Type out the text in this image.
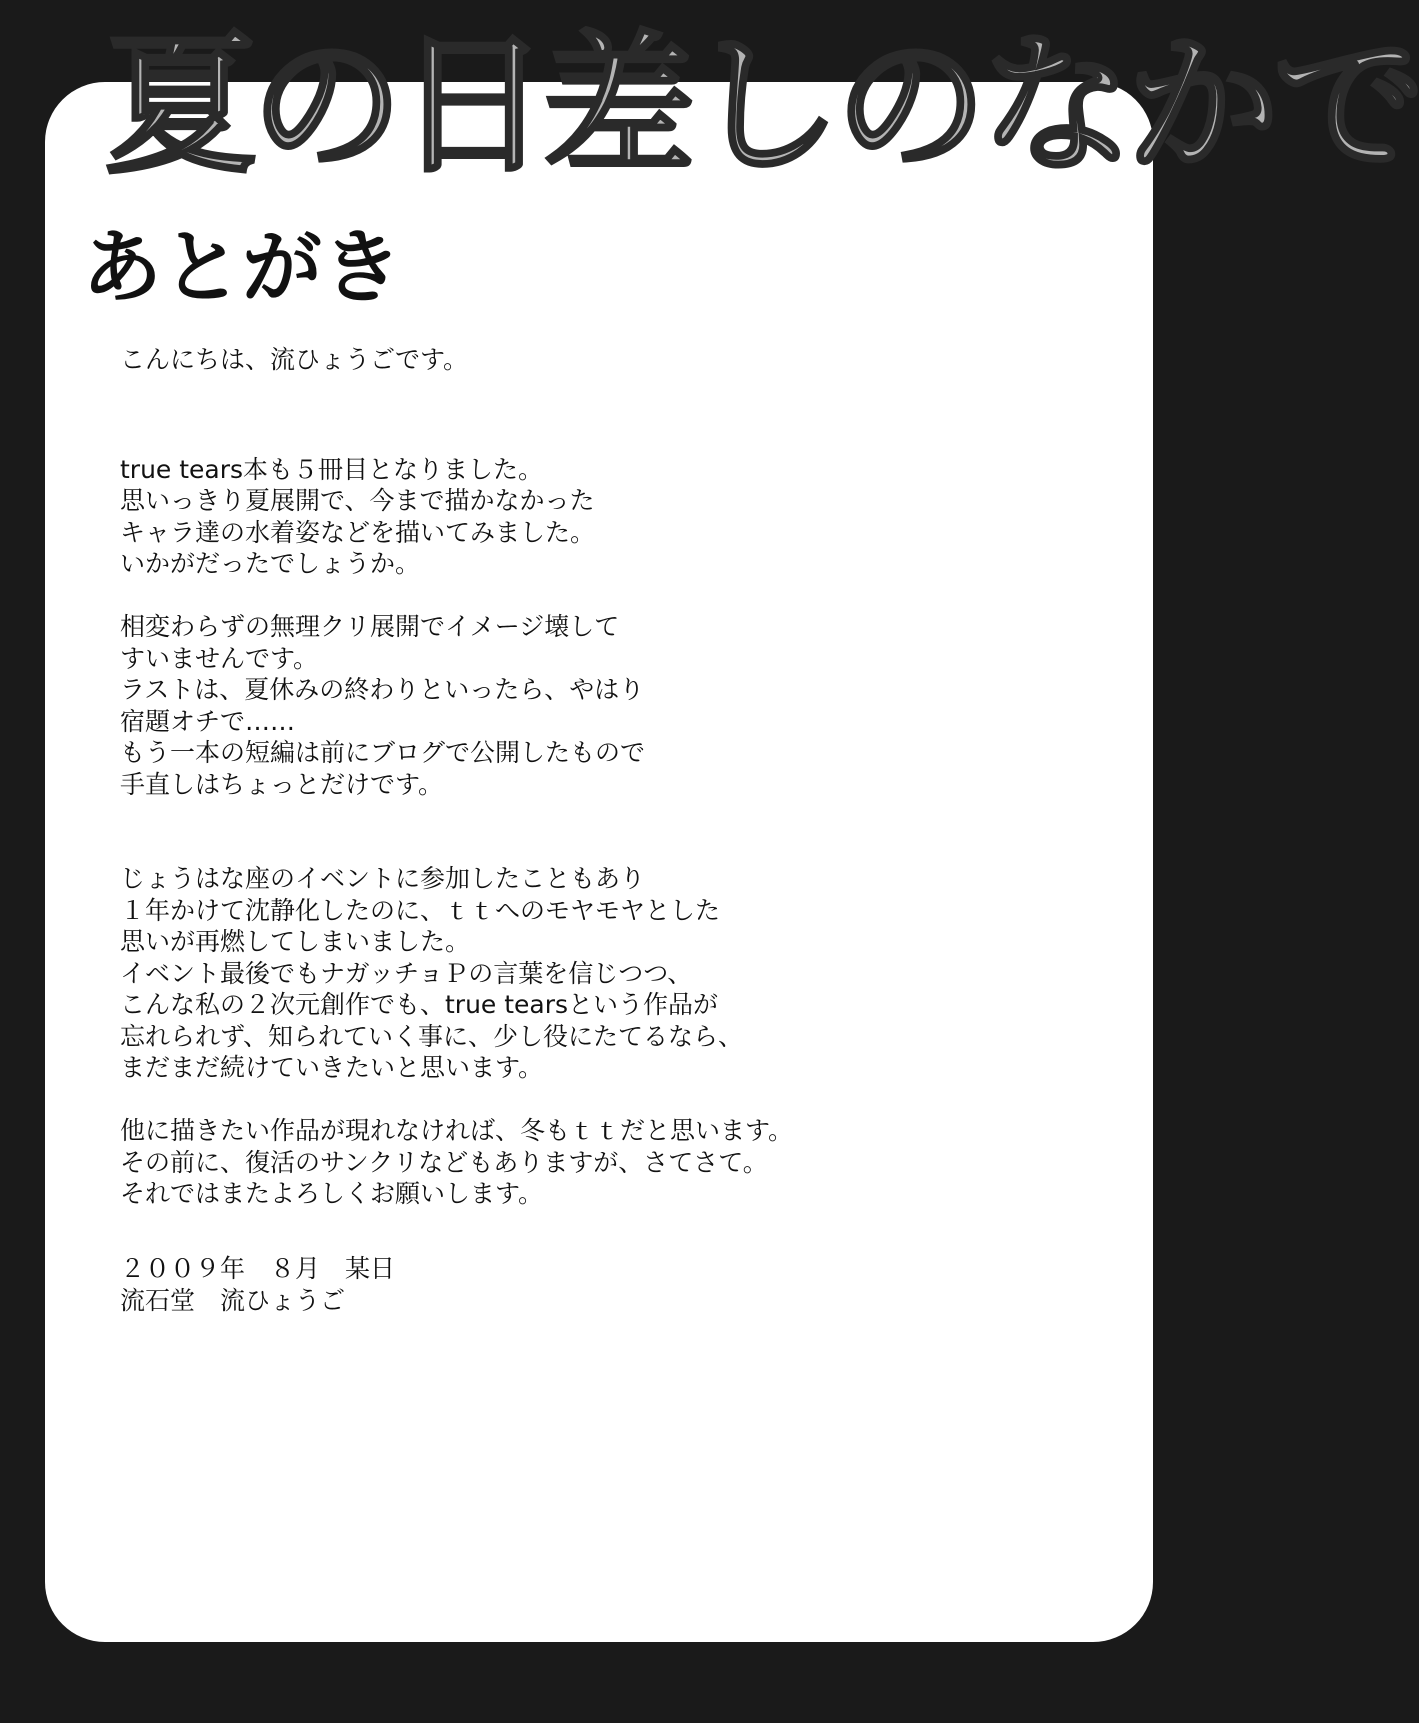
夏の日差しのなかで
あとがき

こんにちは、流ひょうごです。

true tears本も５冊目となりました。
思いっきり夏展開で、今まで描かなかった
キャラ達の水着姿などを描いてみました。
いかがだったでしょうか。

相変わらずの無理クリ展開でイメージ壊して
すいませんです。
ラストは、夏休みの終わりといったら、やはり
宿題オチで……
もう一本の短編は前にブログで公開したもので
手直しはちょっとだけです。

じょうはな座のイベントに参加したこともあり
１年かけて沈静化したのに、ｔｔへのモヤモヤとした
思いが再燃してしまいました。
イベント最後でもナガッチョＰの言葉を信じつつ、
こんな私の２次元創作でも、true tearsという作品が
忘れられず、知られていく事に、少し役にたてるなら、
まだまだ続けていきたいと思います。

他に描きたい作品が現れなければ、冬もｔｔだと思います。
その前に、復活のサンクリなどもありますが、さてさて。
それではまたよろしくお願いします。

２００９年　８月　某日
流石堂　流ひょうご
